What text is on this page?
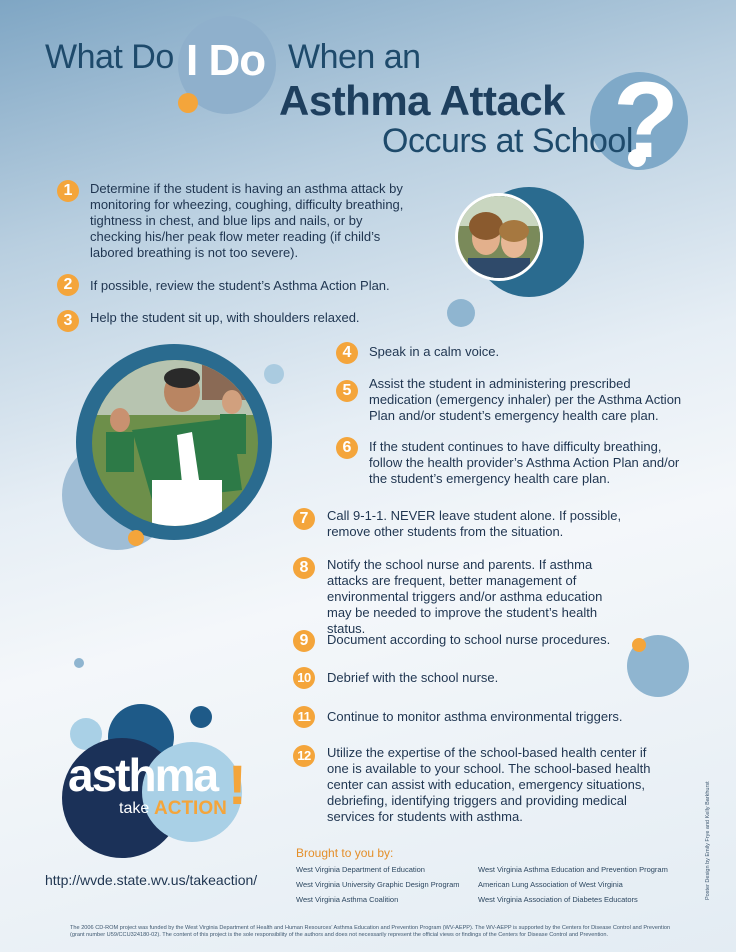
What Do I Do When an
Asthma Attack
Occurs at School
?
1	Determine if the student is having an asthma attack by monitoring for wheezing, coughing, difficulty breathing, tightness in chest, and blue lips and nails, or by checking his/her peak flow meter reading (if child’s labored breathing is not too severe).
2	If possible, review the student’s Asthma Action Plan.
3	Help the student sit up, with shoulders relaxed.
4	Speak in a calm voice.
5	Assist the student in administering prescribed medication (emergency inhaler) per the Asthma Action Plan and/or student’s emergency health care plan.
6	If the student continues to have difficulty breathing, follow the health provider’s Asthma Action Plan and/or the student’s emergency health care plan.
7	Call 9-1-1. NEVER leave student alone. If possible, remove other students from the situation.
8	Notify the school nurse and parents. If asthma attacks are frequent, better management of environmental triggers and/or asthma education may be needed to improve the student’s health status.
9	Document according to school nurse procedures.
10	Debrief with the school nurse.
11	Continue to monitor asthma environmental triggers.
12	Utilize the expertise of the school-based health center if one is available to your school. The school-based health center can assist with education, emergency situations, debriefing, identifying triggers and providing medical services for students with asthma.
asthma
take ACTION !
http://wvde.state.wv.us/takeaction/
Brought to you by:
West Virginia Department of Education
West Virginia University Graphic Design Program
West Virginia Asthma Coalition
West Virginia Asthma Education and Prevention Program
American Lung Association of West Virginia
West Virginia Association of Diabetes Educators
The 2006 CD-ROM project was funded by the West Virginia Department of Health and Human Resources’ Asthma Education and Prevention Program (WV-AEPP). The WV-AEPP is supported by the Centers for Disease Control and Prevention (grant number U59/CCU324180-02). The content of this project is the sole responsibility of the authors and does not necessarily represent the official views or findings of the Centers for Disease Control and Prevention.
Poster Design by Emily Frye and Kelly Barkhurst
